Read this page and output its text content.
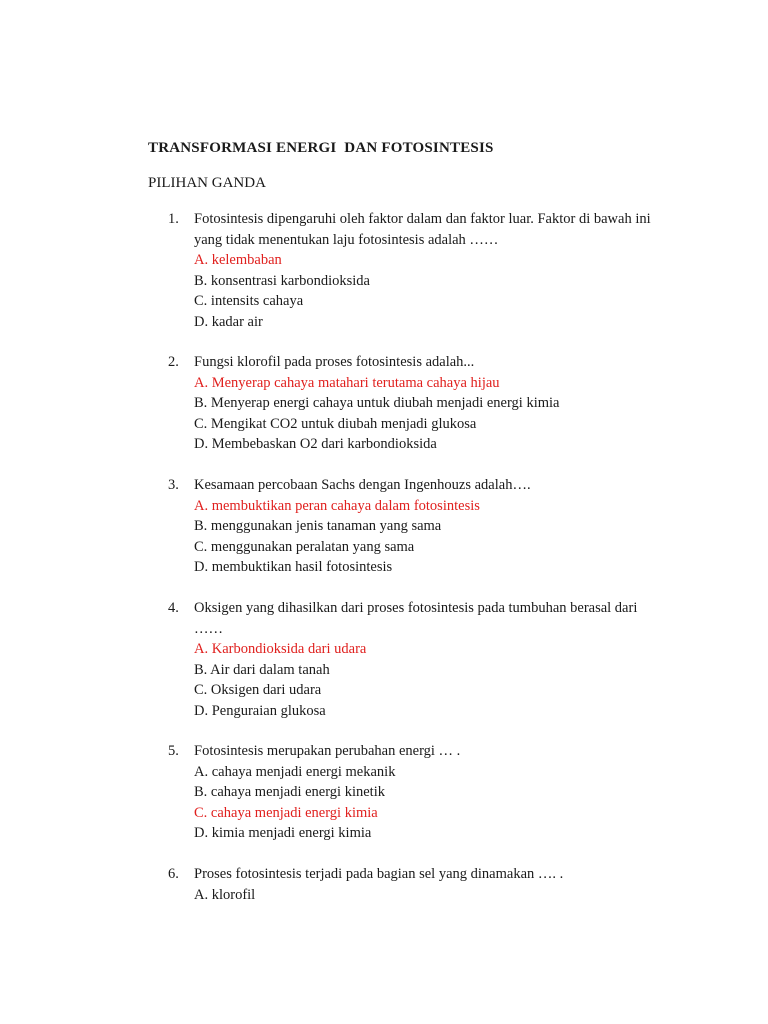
TRANSFORMASI ENERGI  DAN FOTOSINTESIS
PILIHAN GANDA
1. Fotosintesis dipengaruhi oleh faktor dalam dan faktor luar. Faktor di bawah ini yang tidak menentukan laju fotosintesis adalah ……
A. kelembaban
B. konsentrasi karbondioksida
C. intensits cahaya
D. kadar air
2. Fungsi klorofil pada proses fotosintesis adalah...
A. Menyerap cahaya matahari terutama cahaya hijau
B. Menyerap energi cahaya untuk diubah menjadi energi kimia
C. Mengikat CO2 untuk diubah menjadi glukosa
D. Membebaskan O2 dari karbondioksida
3. Kesamaan percobaan Sachs dengan Ingenhouzs adalah….
A. membuktikan peran cahaya dalam fotosintesis
B. menggunakan jenis tanaman yang sama
C. menggunakan peralatan yang sama
D. membuktikan hasil fotosintesis
4. Oksigen yang dihasilkan dari proses fotosintesis pada tumbuhan berasal dari ……
A. Karbondioksida dari udara
B. Air dari dalam tanah
C. Oksigen dari udara
D. Penguraian glukosa
5. Fotosintesis merupakan perubahan energi … .
A. cahaya menjadi energi mekanik
B. cahaya menjadi energi kinetik
C. cahaya menjadi energi kimia
D. kimia menjadi energi kimia
6. Proses fotosintesis terjadi pada bagian sel yang dinamakan …. .
A. klorofil
